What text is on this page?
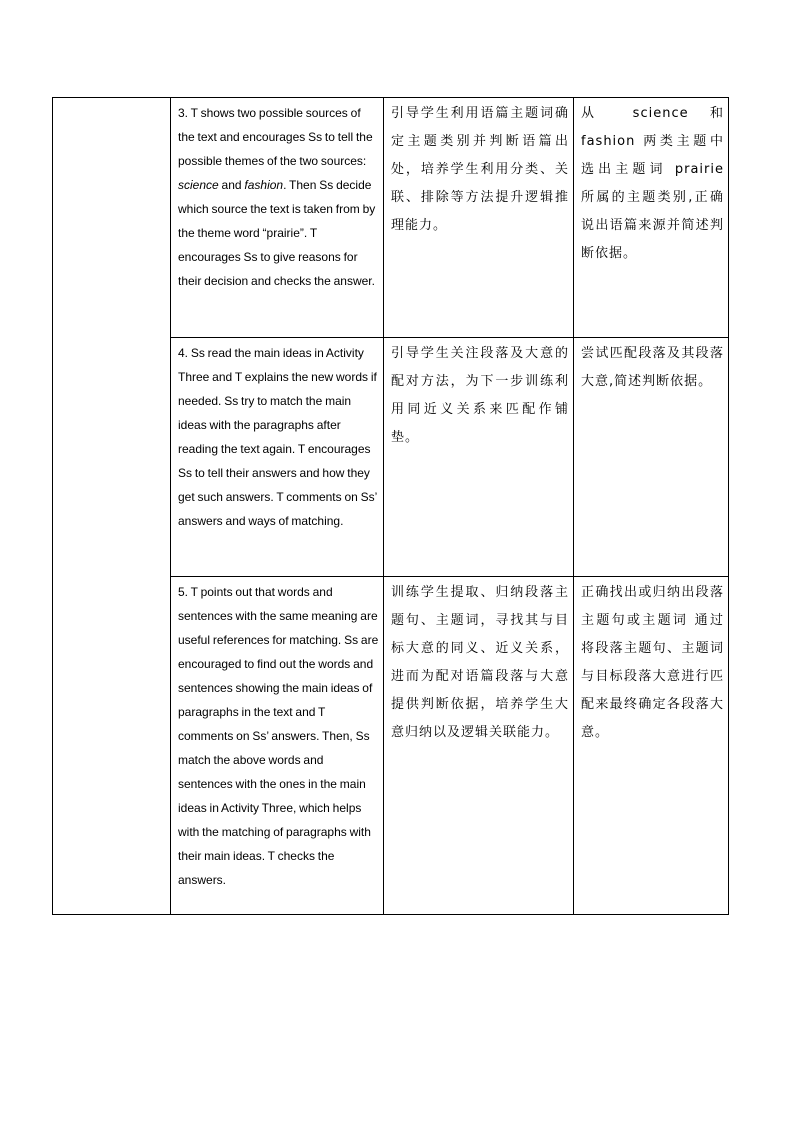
	3. T shows two possible sources of the text and encourages Ss to tell the possible themes of the two sources: science and fashion. Then Ss decide which source the text is taken from by the theme word “prairie”. T encourages Ss to give reasons for their decision and checks the answer.	引导学生利用语篇主题词确定主题类别并判断语篇出处，培养学生利用分类、关联、排除等方法提升逻辑推理能力。	从 science 和 fashion 两类主题中选出主题词 prairie 所属的主题类别,正确说出语篇来源并简述判断依据。

	4. Ss read the main ideas in Activity Three and T explains the new words if needed. Ss try to match the main ideas with the paragraphs after reading the text again. T encourages Ss to tell their answers and how they get such answers. T comments on Ss’ answers and ways of matching.	引导学生关注段落及大意的配对方法，为下一步训练利用同近义关系来匹配作铺垫。	尝试匹配段落及其段落大意,简述判断依据。

	5. T points out that words and sentences with the same meaning are useful references for matching. Ss are encouraged to find out the words and sentences showing the main ideas of paragraphs in the text and T comments on Ss’ answers. Then, Ss match the above words and sentences with the ones in the main ideas in Activity Three, which helps with the matching of paragraphs with their main ideas. T checks the answers.	训练学生提取、归纳段落主题句、主题词，寻找其与目标大意的同义、近义关系，进而为配对语篇段落与大意提供判断依据，培养学生大意归纳以及逻辑关联能力。	正确找出或归纳出段落主题句或主题词 通过将段落主题句、主题词与目标段落大意进行匹配来最终确定各段落大意。
